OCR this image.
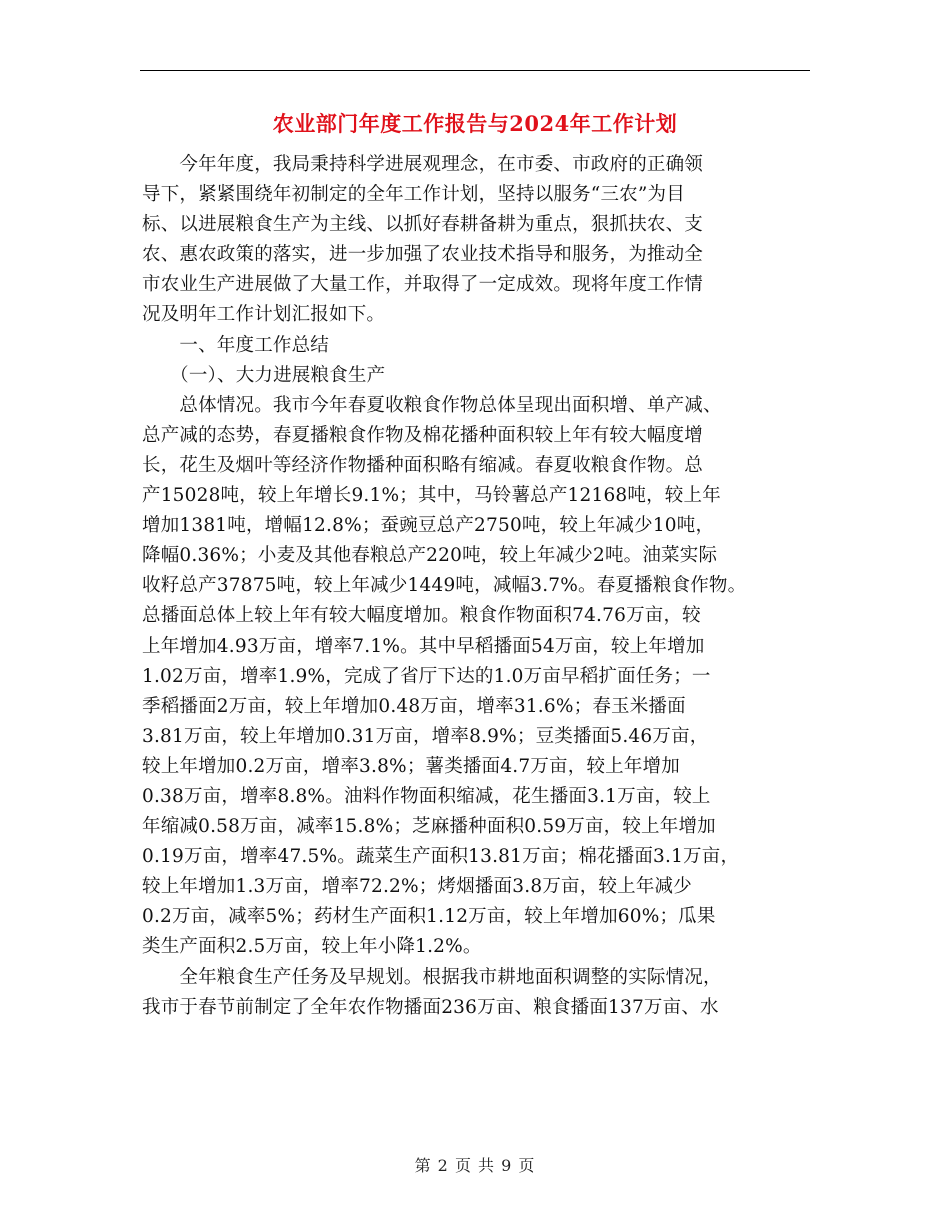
农业部门年度工作报告与2024年工作计划
　　今年年度，我局秉持科学进展观理念，在市委、市政府的正确领
导下，紧紧围绕年初制定的全年工作计划，坚持以服务“三农”为目
标、以进展粮食生产为主线、以抓好春耕备耕为重点，狠抓扶农、支
农、惠农政策的落实，进一步加强了农业技术指导和服务，为推动全
市农业生产进展做了大量工作，并取得了一定成效。现将年度工作情
况及明年工作计划汇报如下。
　　一、年度工作总结
　　（一）、大力进展粮食生产
　　总体情况。我市今年春夏收粮食作物总体呈现出面积增、单产减、
总产减的态势，春夏播粮食作物及棉花播种面积较上年有较大幅度增
长，花生及烟叶等经济作物播种面积略有缩减。春夏收粮食作物。总
产15028吨，较上年增长9.1%；其中，马铃薯总产12168吨，较上年
增加1381吨，增幅12.8%；蚕豌豆总产2750吨，较上年减少10吨，
降幅0.36%；小麦及其他春粮总产220吨，较上年减少2吨。油菜实际
收籽总产37875吨，较上年减少1449吨，减幅3.7%。春夏播粮食作物。
总播面总体上较上年有较大幅度增加。粮食作物面积74.76万亩，较
上年增加4.93万亩，增率7.1%。其中早稻播面54万亩，较上年增加
1.02万亩，增率1.9%，完成了省厅下达的1.0万亩早稻扩面任务；一
季稻播面2万亩，较上年增加0.48万亩，增率31.6%；春玉米播面
3.81万亩，较上年增加0.31万亩，增率8.9%；豆类播面5.46万亩，
较上年增加0.2万亩，增率3.8%；薯类播面4.7万亩，较上年增加
0.38万亩，增率8.8%。油料作物面积缩减，花生播面3.1万亩，较上
年缩减0.58万亩，减率15.8%；芝麻播种面积0.59万亩，较上年增加
0.19万亩，增率47.5%。蔬菜生产面积13.81万亩；棉花播面3.1万亩，
较上年增加1.3万亩，增率72.2%；烤烟播面3.8万亩，较上年减少
0.2万亩，减率5%；药材生产面积1.12万亩，较上年增加60%；瓜果
类生产面积2.5万亩，较上年小降1.2%。
　　全年粮食生产任务及早规划。根据我市耕地面积调整的实际情况，
我市于春节前制定了全年农作物播面236万亩、粮食播面137万亩、水
第 2 页 共 9 页
